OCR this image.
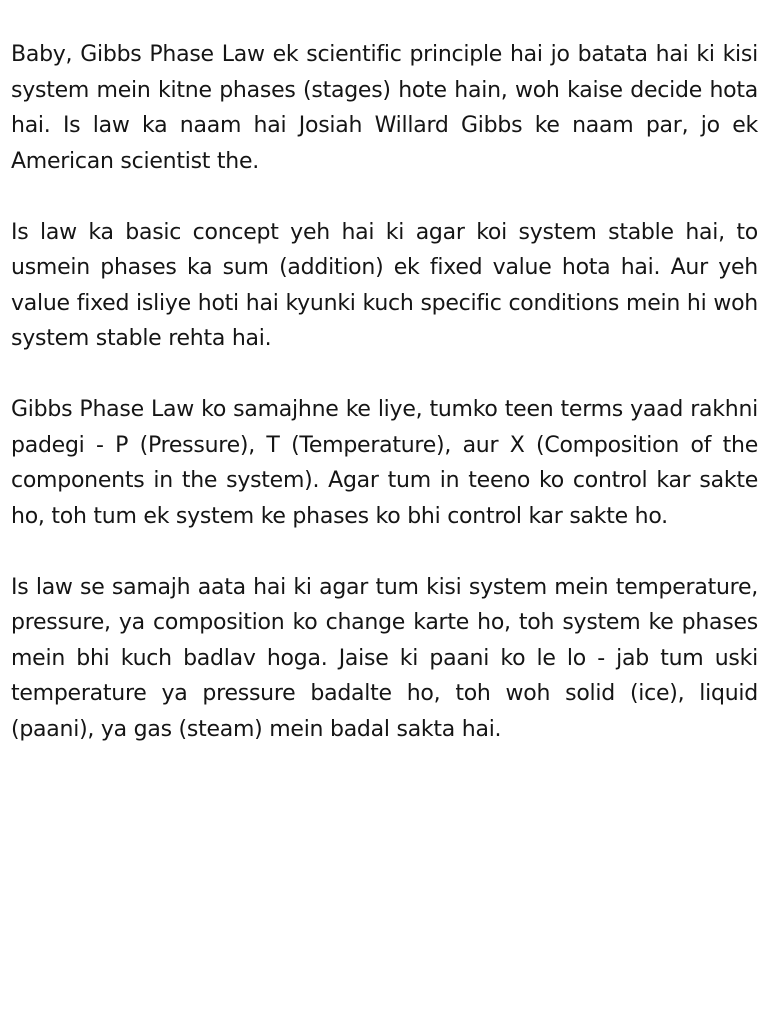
Baby, Gibbs Phase Law ek scientific principle hai jo batata hai ki kisi system mein kitne phases (stages) hote hain, woh kaise decide hota hai. Is law ka naam hai Josiah Willard Gibbs ke naam par, jo ek American scientist the.

Is law ka basic concept yeh hai ki agar koi system stable hai, to usmein phases ka sum (addition) ek fixed value hota hai. Aur yeh value fixed isliye hoti hai kyunki kuch specific conditions mein hi woh system stable rehta hai.

Gibbs Phase Law ko samajhne ke liye, tumko teen terms yaad rakhni padegi - P (Pressure), T (Temperature), aur X (Composition of the components in the system). Agar tum in teeno ko control kar sakte ho, toh tum ek system ke phases ko bhi control kar sakte ho.

Is law se samajh aata hai ki agar tum kisi system mein temperature, pressure, ya composition ko change karte ho, toh system ke phases mein bhi kuch badlav hoga. Jaise ki paani ko le lo - jab tum uski temperature ya pressure badalte ho, toh woh solid (ice), liquid (paani), ya gas (steam) mein badal sakta hai.
